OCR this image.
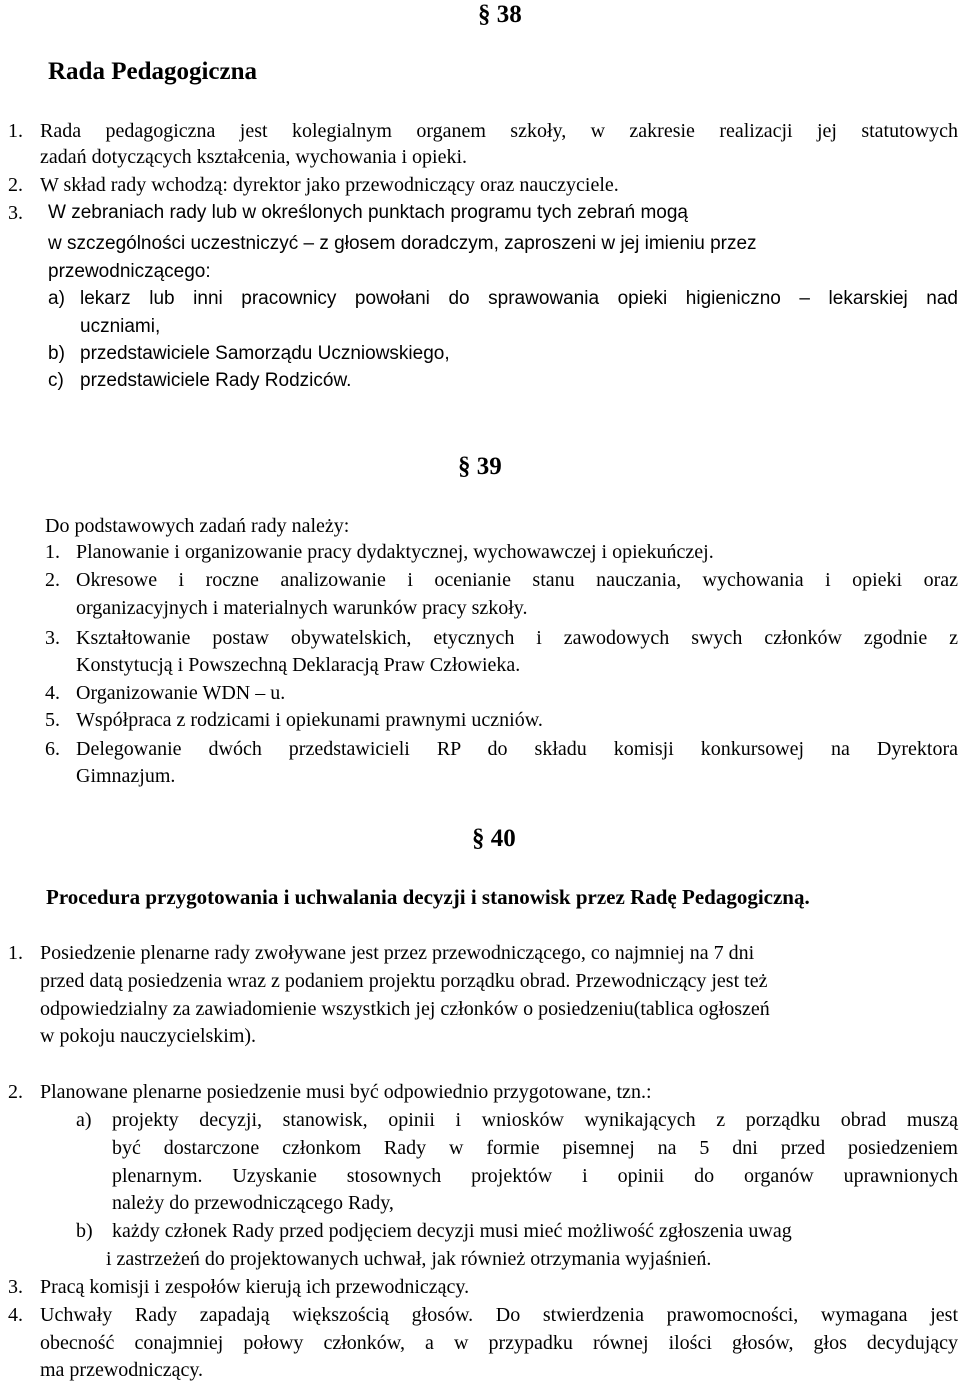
§ 38
Rada Pedagogiczna
1. Rada pedagogiczna jest kolegialnym organem szkoły, w zakresie realizacji jej statutowych
zadań dotyczących kształcenia, wychowania i opieki.
2. W skład rady wchodzą: dyrektor jako przewodniczący oraz nauczyciele.
3. W zebraniach rady lub w określonych punktach programu tych zebrań mogą
w szczególności uczestniczyć – z głosem doradczym, zaproszeni w jej imieniu przez
przewodniczącego:
a) lekarz lub inni pracownicy powołani do sprawowania opieki higieniczno – lekarskiej nad
uczniami,
b) przedstawiciele Samorządu Uczniowskiego,
c) przedstawiciele Rady Rodziców.
§ 39
Do podstawowych zadań rady należy:
1. Planowanie i organizowanie pracy dydaktycznej, wychowawczej i opiekuńczej.
2. Okresowe i roczne analizowanie i ocenianie stanu nauczania, wychowania i opieki oraz
organizacyjnych i materialnych warunków pracy szkoły.
3. Kształtowanie postaw obywatelskich, etycznych i zawodowych swych członków zgodnie z
Konstytucją i Powszechną Deklaracją Praw Człowieka.
4. Organizowanie WDN – u.
5. Współpraca z rodzicami i opiekunami prawnymi uczniów.
6. Delegowanie dwóch przedstawicieli RP do składu komisji konkursowej na Dyrektora
Gimnazjum.
§ 40
Procedura przygotowania i uchwalania decyzji i stanowisk przez Radę Pedagogiczną.
1. Posiedzenie plenarne rady zwoływane jest przez przewodniczącego, co najmniej na 7 dni
przed datą posiedzenia wraz z podaniem projektu porządku obrad. Przewodniczący jest też
odpowiedzialny za zawiadomienie wszystkich jej członków o posiedzeniu(tablica ogłoszeń
w pokoju nauczycielskim).
2. Planowane plenarne posiedzenie musi być odpowiednio przygotowane, tzn.:
a) projekty decyzji, stanowisk, opinii i wniosków wynikających z porządku obrad muszą
być dostarczone członkom Rady w formie pisemnej na 5 dni przed posiedzeniem
plenarnym. Uzyskanie stosownych projektów i opinii do organów uprawnionych
należy do przewodniczącego Rady,
b) każdy członek Rady przed podjęciem decyzji musi mieć możliwość zgłoszenia uwag
i zastrzeżeń do projektowanych uchwał, jak również otrzymania wyjaśnień.
3. Pracą komisji i zespołów kierują ich przewodniczący.
4. Uchwały Rady zapadają większością głosów. Do stwierdzenia prawomocności, wymagana jest
obecność conajmniej połowy członków, a w przypadku równej ilości głosów, głos decydujący
ma przewodniczący.
